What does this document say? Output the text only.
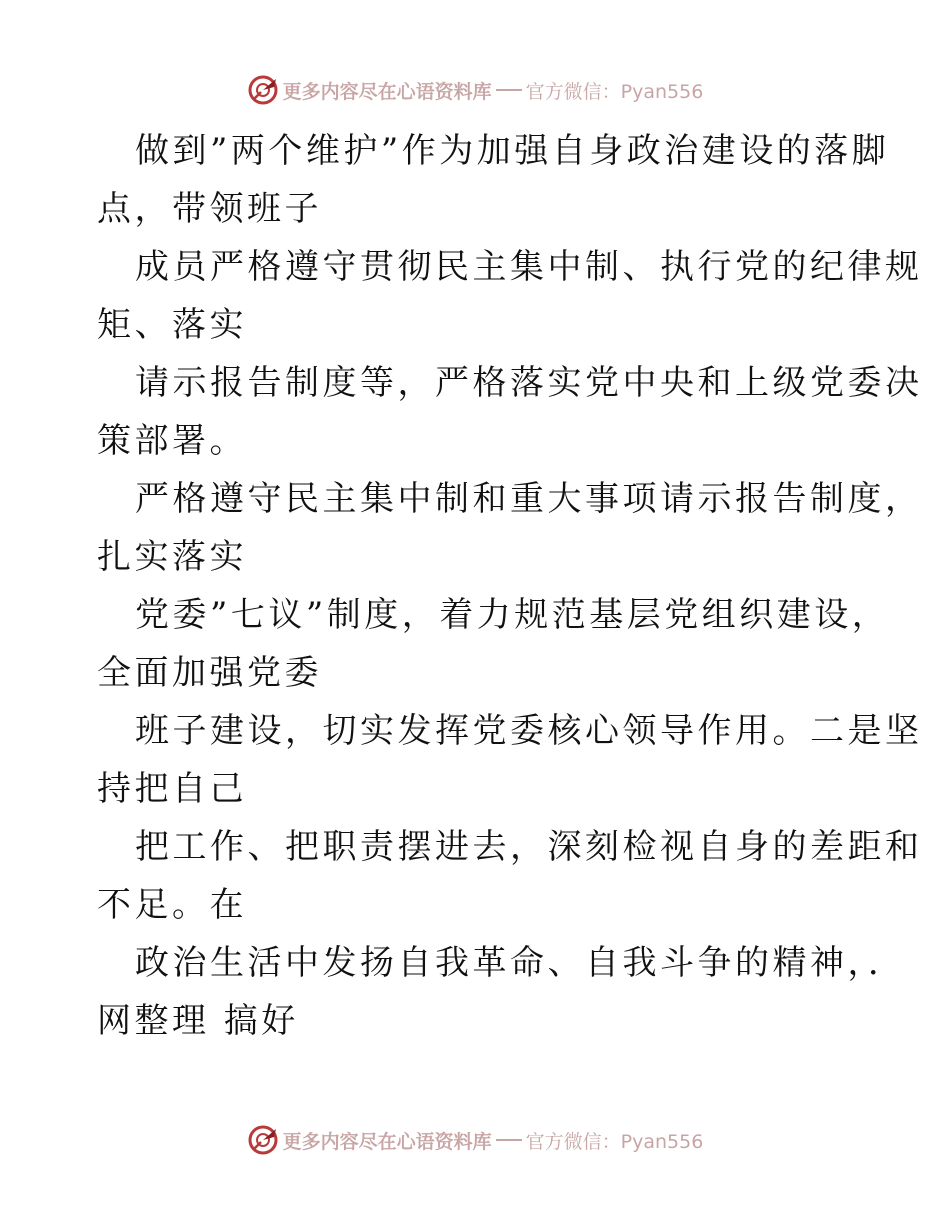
更多内容尽在心语资料库 官方微信：Pyan556
做到”两个维护”作为加强自身政治建设的落脚
点，带领班子
成员严格遵守贯彻民主集中制、执行党的纪律规
矩、落实
请示报告制度等，严格落实党中央和上级党委决
策部署。
严格遵守民主集中制和重大事项请示报告制度，
扎实落实
党委”七议”制度，着力规范基层党组织建设，
全面加强党委
班子建设，切实发挥党委核心领导作用。二是坚
持把自己
把工作、把职责摆进去，深刻检视自身的差距和
不足。在
政治生活中发扬自我革命、自我斗争的精神，．
网整理 搞好
更多内容尽在心语资料库 官方微信：Pyan556
